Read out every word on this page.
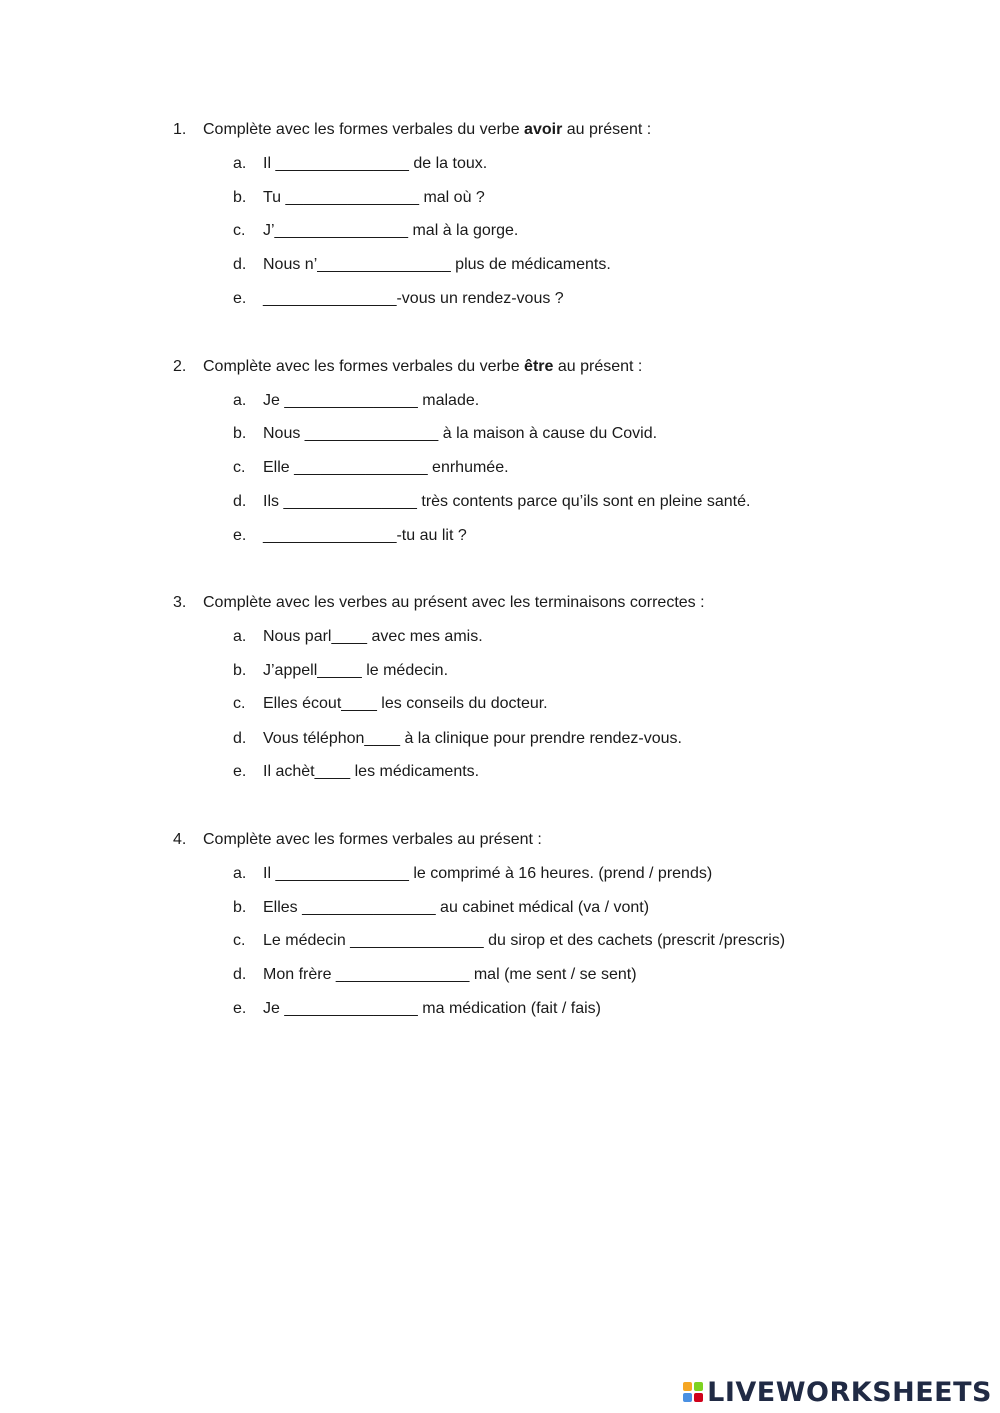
1. Complète avec les formes verbales du verbe avoir au présent :
a. Il _______________ de la toux.
b. Tu _______________ mal où ?
c. J’_______________ mal à la gorge.
d. Nous n’_______________ plus de médicaments.
e. _______________-vous un rendez-vous ?
2. Complète avec les formes verbales du verbe être au présent :
a. Je _______________ malade.
b. Nous _______________ à la maison à cause du Covid.
c. Elle _______________ enrhumée.
d. Ils _______________ très contents parce qu’ils sont en pleine santé.
e. _______________-tu au lit ?
3. Complète avec les verbes au présent avec les terminaisons correctes :
a. Nous parl____ avec mes amis.
b. J’appell_____ le médecin.
c. Elles écout____ les conseils du docteur.
d. Vous téléphon____ à la clinique pour prendre rendez-vous.
e. Il achèt____ les médicaments.
4. Complète avec les formes verbales au présent :
a. Il _______________ le comprimé à 16 heures. (prend / prends)
b. Elles _______________ au cabinet médical (va / vont)
c. Le médecin _______________ du sirop et des cachets (prescrit /prescris)
d. Mon frère _______________ mal (me sent / se sent)
e. Je _______________ ma médication (fait / fais)
LIVEWORKSHEETS
